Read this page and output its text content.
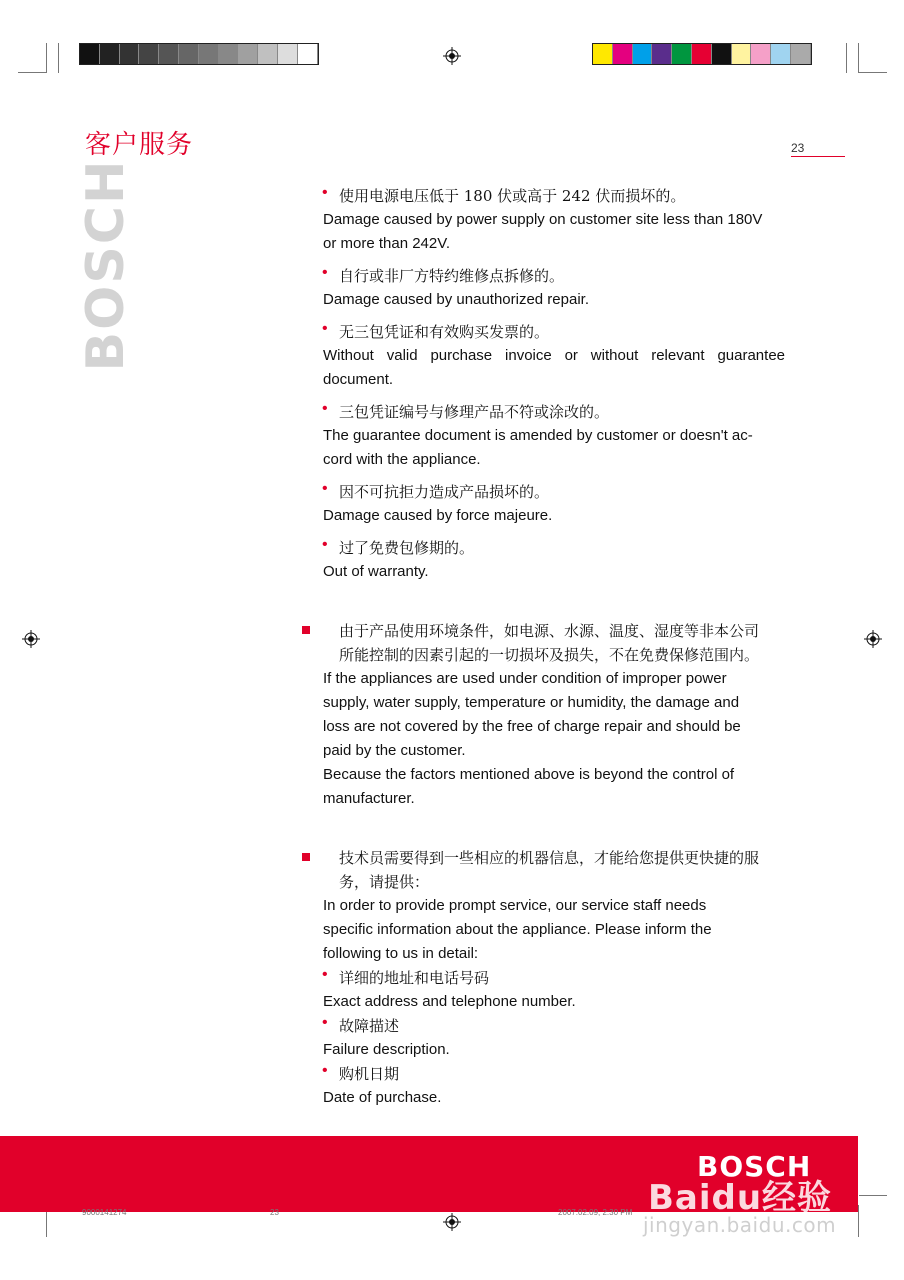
客户服务	23
BOSCH	• 使用电源电压低于 180 伏或高于 242 伏而损坏的。
Damage caused by power supply on customer site less than 180V
or more than 242V.
• 自行或非厂方特约维修点拆修的。
Damage caused by unauthorized repair.
• 无三包凭证和有效购买发票的。
Without valid purchase invoice or without relevant guarantee
document.
• 三包凭证编号与修理产品不符或涂改的。
The guarantee document is amended by customer or doesn't ac-
cord with the appliance.
• 因不可抗拒力造成产品损坏的。
Damage caused by force majeure.
• 过了免费包修期的。
Out of warranty.
由于产品使用环境条件，如电源、水源、温度、湿度等非本公司
所能控制的因素引起的一切损坏及损失，不在免费保修范围内。
If the appliances are used under condition of improper power
supply, water supply, temperature or humidity, the damage and
loss are not covered by the free of charge repair and should be
paid by the customer.
Because the factors mentioned above is beyond the control of
manufacturer.
技术员需要得到一些相应的机器信息，才能给您提供更快捷的服
务，请提供：
In order to provide prompt service, our service staff needs
specific information about the appliance. Please inform the
following to us in detail:
• 详细的地址和电话号码
Exact address and telephone number.
• 故障描述
Failure description.
• 购机日期
Date of purchase.
BOSCH
Baidu经验
jingyan.baidu.com
9000141274	23	2007.02.09, 2:30 PM
